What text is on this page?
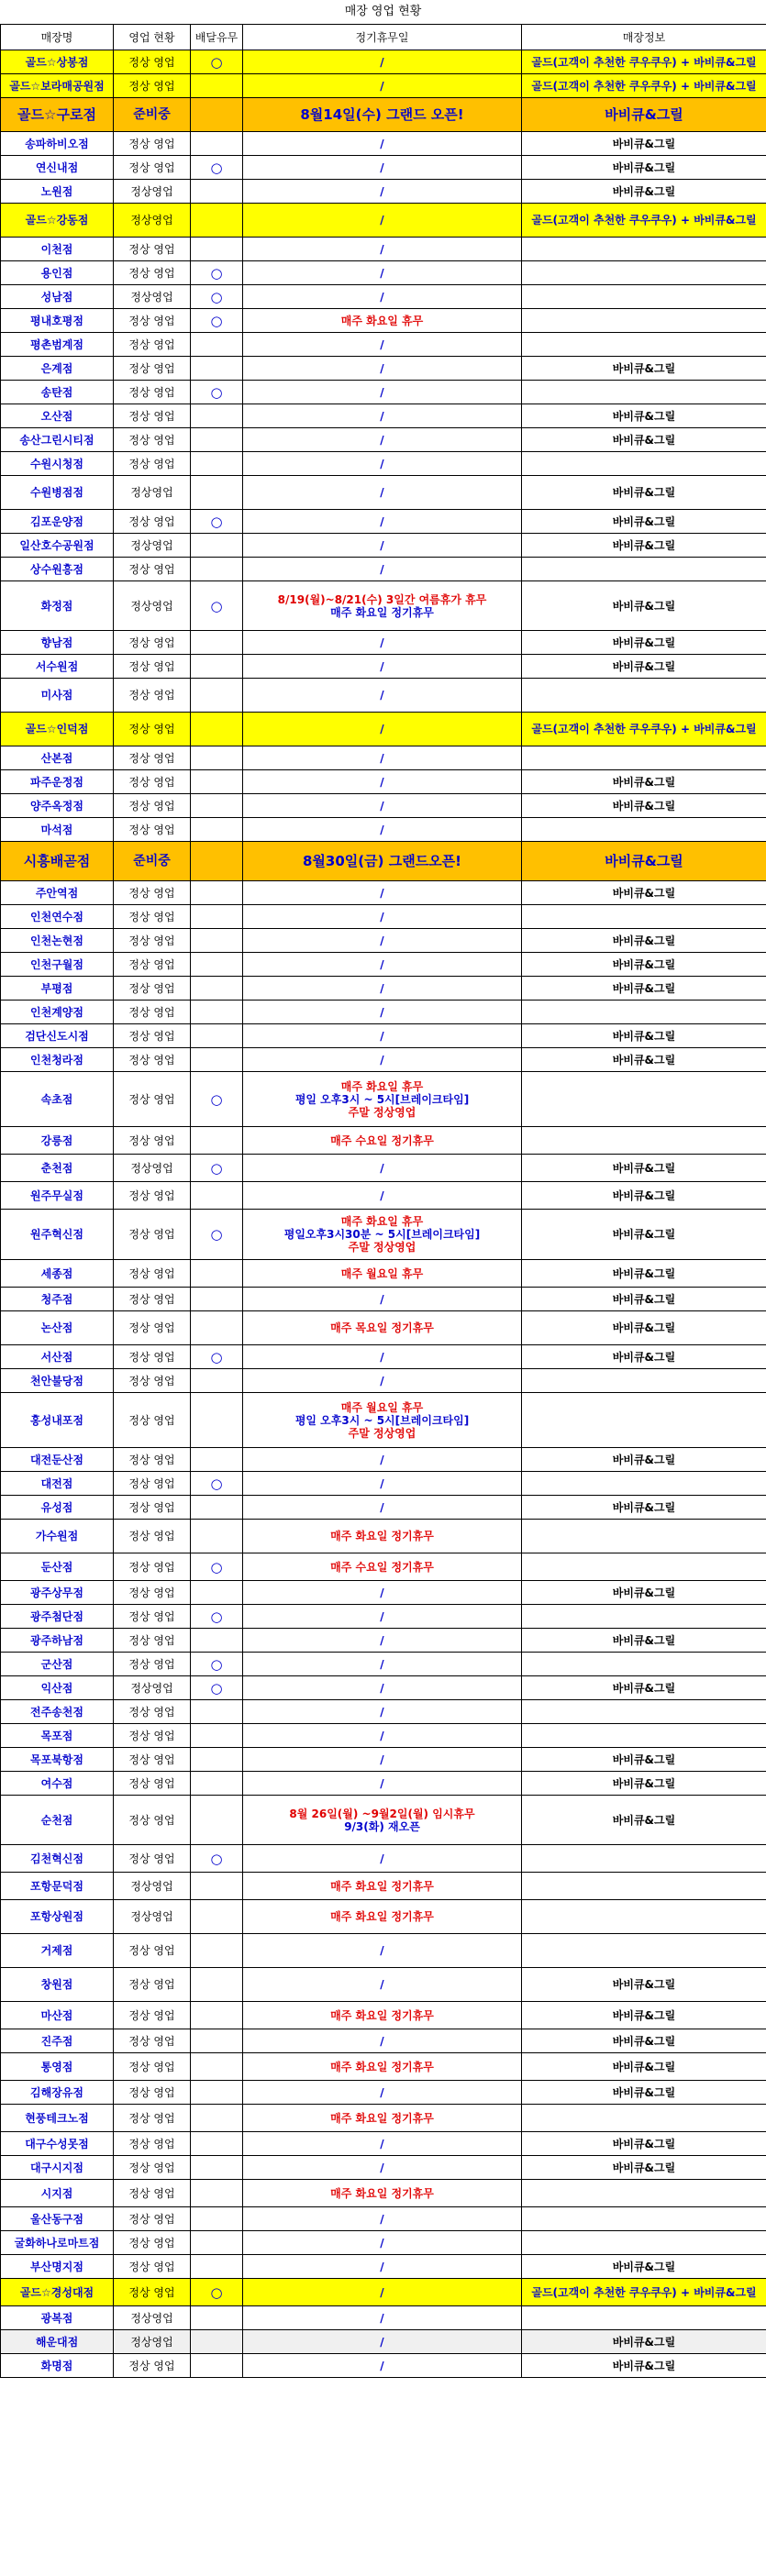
매장 영업 현황
매장명	영업 현황	배달유무	정기휴무일	매장정보
골드☆상봉점	정상 영업	○	/	골드(고객이 추천한 쿠우쿠우) + 바비큐&그릴
골드☆보라매공원점	정상 영업		/	골드(고객이 추천한 쿠우쿠우) + 바비큐&그릴
골드☆구로점	준비중		8월14일(수) 그랜드 오픈!	바비큐&그릴
송파하비오점	정상 영업		/	바비큐&그릴
연신내점	정상 영업	○	/	바비큐&그릴
노원점	정상영업		/	바비큐&그릴
골드☆강동점	정상영업		/	골드(고객이 추천한 쿠우쿠우) + 바비큐&그릴
이천점	정상 영업		/	

용인점	정상 영업	○	/	

성남점	정상영업	○	/	

평내호평점	정상 영업	○	매주 화요일 휴무	

평촌범계점	정상 영업		/	

은계점	정상 영업		/	바비큐&그릴
송탄점	정상 영업	○	/	

오산점	정상 영업		/	바비큐&그릴
송산그린시티점	정상 영업		/	바비큐&그릴
수원시청점	정상 영업		/	

수원병점점	정상영업		/	바비큐&그릴
김포운양점	정상 영업	○	/	바비큐&그릴
일산호수공원점	정상영업		/	바비큐&그릴
상수원흥점	정상 영업		/	

화정점	정상영업	○	8/19(월)~8/21(수) 3일간 여름휴가 휴무
매주 화요일 정기휴무	바비큐&그릴
향남점	정상 영업		/	바비큐&그릴
서수원점	정상 영업		/	바비큐&그릴
미사점	정상 영업		/	

골드☆인덕점	정상 영업		/	골드(고객이 추천한 쿠우쿠우) + 바비큐&그릴
산본점	정상 영업		/	

파주운정점	정상 영업		/	바비큐&그릴
양주옥정점	정상 영업		/	바비큐&그릴
마석점	정상 영업		/	

시흥배곧점	준비중		8월30일(금) 그랜드오픈!	바비큐&그릴
주안역점	정상 영업		/	바비큐&그릴
인천연수점	정상 영업		/	

인천논현점	정상 영업		/	바비큐&그릴
인천구월점	정상 영업		/	바비큐&그릴
부평점	정상 영업		/	바비큐&그릴
인천계양점	정상 영업		/	

검단신도시점	정상 영업		/	바비큐&그릴
인천청라점	정상 영업		/	바비큐&그릴
속초점	정상 영업	○	매주 화요일 휴무
평일 오후3시 ~ 5시[브레이크타임]
주말 정상영업	

강릉점	정상 영업		매주 수요일 정기휴무	

춘천점	정상영업	○	/	바비큐&그릴
원주무실점	정상 영업		/	바비큐&그릴
원주혁신점	정상 영업	○	매주 화요일 휴무
평일오후3시30분 ~ 5시[브레이크타임]
주말 정상영업	바비큐&그릴
세종점	정상 영업		매주 월요일 휴무	바비큐&그릴
청주점	정상 영업		/	바비큐&그릴
논산점	정상 영업		매주 목요일 정기휴무	바비큐&그릴
서산점	정상 영업	○	/	바비큐&그릴
천안불당점	정상 영업		/	

홍성내포점	정상 영업		매주 월요일 휴무
평일 오후3시 ~ 5시[브레이크타임]
주말 정상영업	

대전둔산점	정상 영업		/	바비큐&그릴
대전점	정상 영업	○	/	

유성점	정상 영업		/	바비큐&그릴
가수원점	정상 영업		매주 화요일 정기휴무	

둔산점	정상 영업	○	매주 수요일 정기휴무	

광주상무점	정상 영업		/	바비큐&그릴
광주첨단점	정상 영업	○	/	

광주하남점	정상 영업		/	바비큐&그릴
군산점	정상 영업	○	/	

익산점	정상영업	○	/	바비큐&그릴
전주송천점	정상 영업		/	

목포점	정상 영업		/	

목포북항점	정상 영업		/	바비큐&그릴
여수점	정상 영업		/	바비큐&그릴
순천점	정상 영업		8월 26일(월) ~9월2일(월) 임시휴무
9/3(화) 재오픈	바비큐&그릴
김천혁신점	정상 영업	○	/	

포항문덕점	정상영업		매주 화요일 정기휴무	

포항상원점	정상영업		매주 화요일 정기휴무	

거제점	정상 영업		/	

창원점	정상 영업		/	바비큐&그릴
마산점	정상 영업		매주 화요일 정기휴무	바비큐&그릴
진주점	정상 영업		/	바비큐&그릴
통영점	정상 영업		매주 화요일 정기휴무	바비큐&그릴
김해장유점	정상 영업		/	바비큐&그릴
현풍테크노점	정상 영업		매주 화요일 정기휴무	

대구수성못점	정상 영업		/	바비큐&그릴
대구시지점	정상 영업		/	바비큐&그릴
시지점	정상 영업		매주 화요일 정기휴무	

울산동구점	정상 영업		/	

굴화하나로마트점	정상 영업		/	

부산명지점	정상 영업		/	바비큐&그릴
골드☆경성대점	정상 영업	○	/	골드(고객이 추천한 쿠우쿠우) + 바비큐&그릴
광복점	정상영업		/	

해운대점	정상영업		/	바비큐&그릴
화명점	정상 영업		/	바비큐&그릴
